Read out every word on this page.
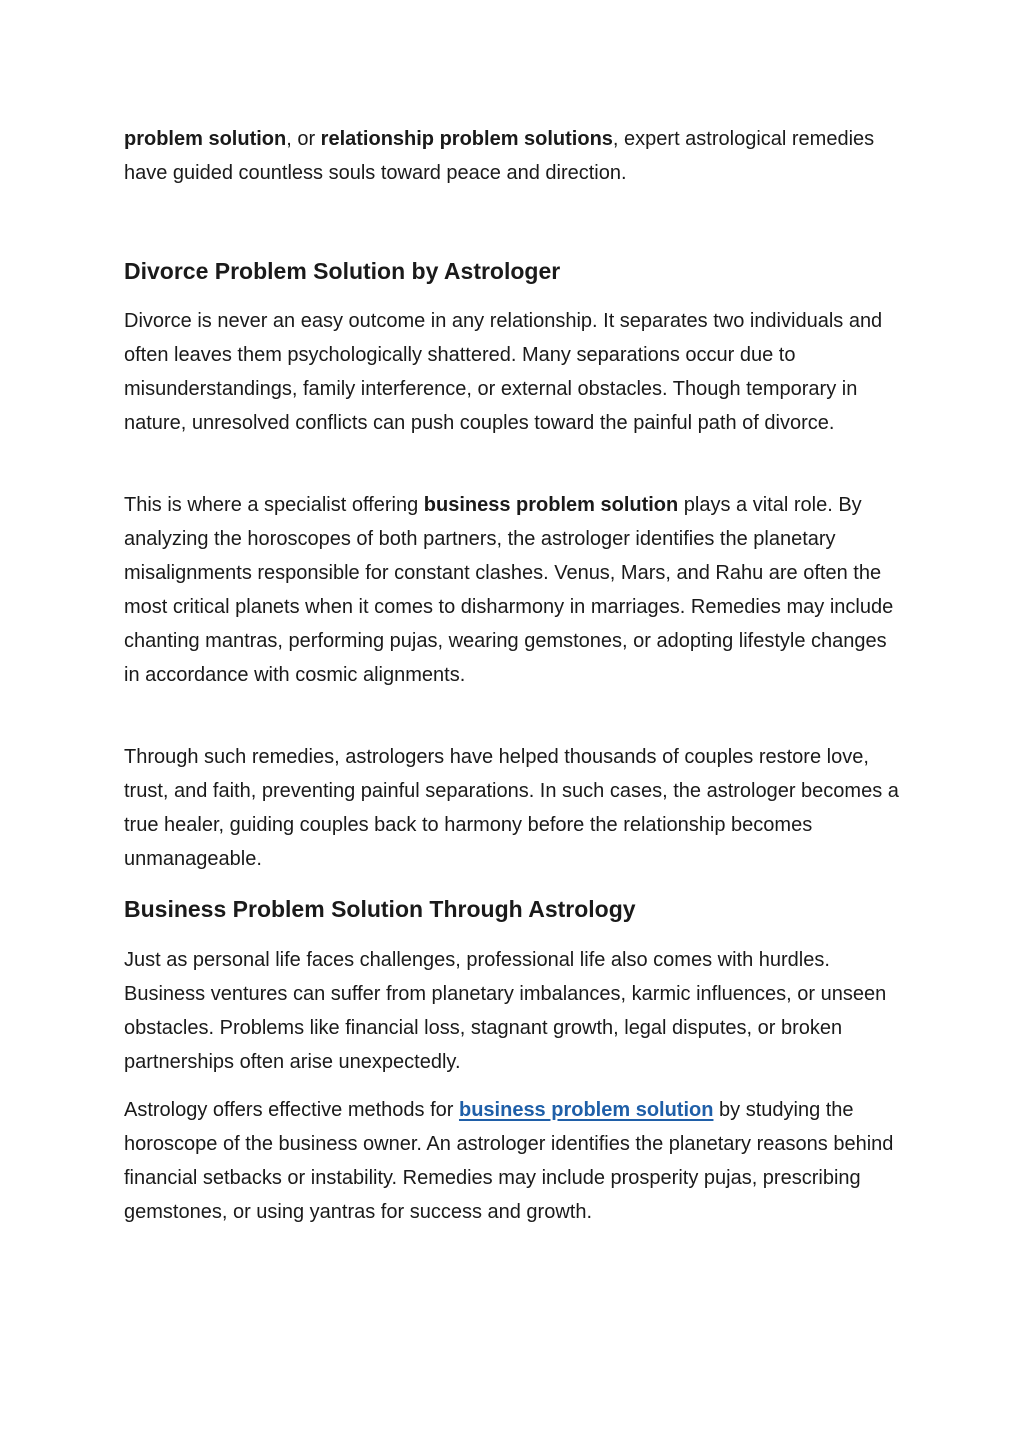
problem solution, or relationship problem solutions, expert astrological remedies have guided countless souls toward peace and direction.

Divorce Problem Solution by Astrologer

Divorce is never an easy outcome in any relationship. It separates two individuals and often leaves them psychologically shattered. Many separations occur due to misunderstandings, family interference, or external obstacles. Though temporary in nature, unresolved conflicts can push couples toward the painful path of divorce.

This is where a specialist offering business problem solution plays a vital role. By analyzing the horoscopes of both partners, the astrologer identifies the planetary misalignments responsible for constant clashes. Venus, Mars, and Rahu are often the most critical planets when it comes to disharmony in marriages. Remedies may include chanting mantras, performing pujas, wearing gemstones, or adopting lifestyle changes in accordance with cosmic alignments.

Through such remedies, astrologers have helped thousands of couples restore love, trust, and faith, preventing painful separations. In such cases, the astrologer becomes a true healer, guiding couples back to harmony before the relationship becomes unmanageable.

Business Problem Solution Through Astrology

Just as personal life faces challenges, professional life also comes with hurdles. Business ventures can suffer from planetary imbalances, karmic influences, or unseen obstacles. Problems like financial loss, stagnant growth, legal disputes, or broken partnerships often arise unexpectedly.

Astrology offers effective methods for business problem solution by studying the horoscope of the business owner. An astrologer identifies the planetary reasons behind financial setbacks or instability. Remedies may include prosperity pujas, prescribing gemstones, or using yantras for success and growth.
